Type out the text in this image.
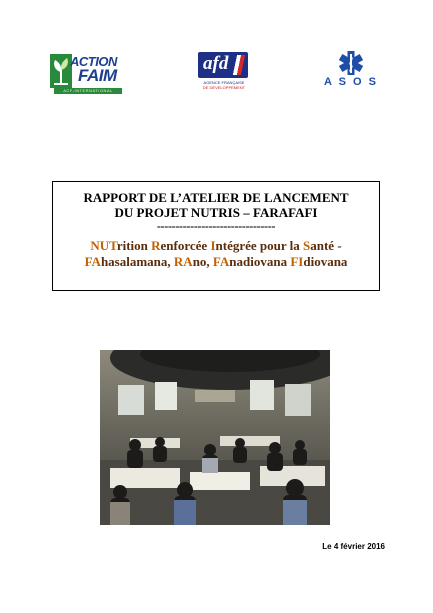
ACTION
FAIM
ACF-INTERNATIONAL
afd
AGENCE FRANÇAISE
DE DÉVELOPPEMENT	A S O S
RAPPORT DE L’ATELIER DE LANCEMENT
DU PROJET NUTRIS – FARAFAFI
--------------------------------
NUTrition Renforcée Intégrée pour la Santé -
FAhasalamana, RAno, FAnadiovana FIdiovana
Le 4 février 2016
